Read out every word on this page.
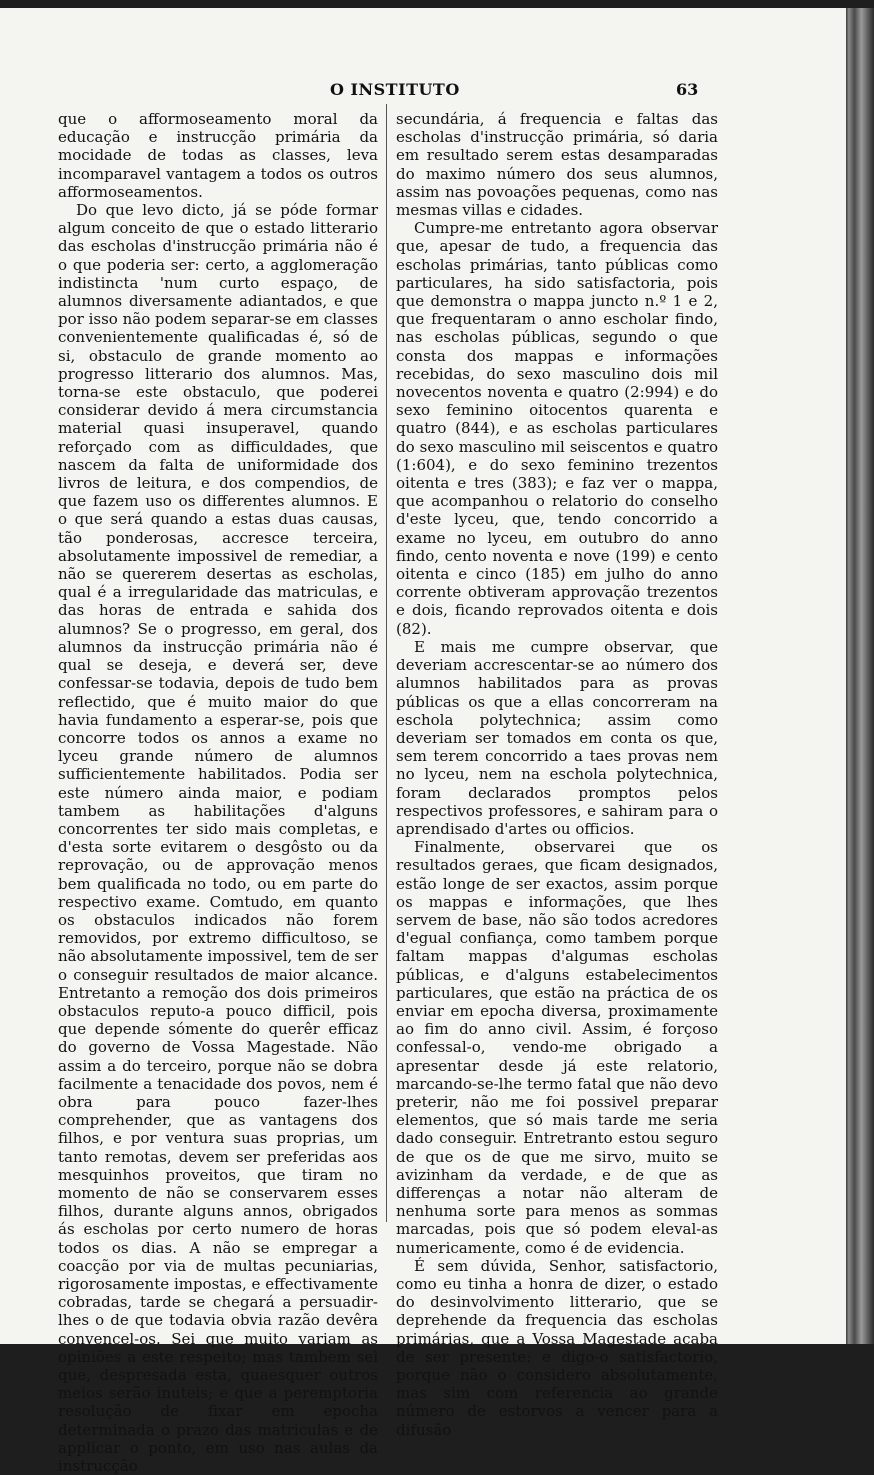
O INSTITUTO	63

que o afformoseamento moral da educação e instrucção primária da mocidade de todas as classes, leva incomparavel vantagem a todos os outros afformoseamentos.

Do que levo dicto, já se póde formar algum conceito de que o estado litterario das escholas d'instrucção primária não é o que poderia ser: certo, a agglomeração indistincta 'num curto espaço, de alumnos diversamente adiantados, e que por isso não podem separar-se em classes convenientemente qualificadas é, só de si, obstaculo de grande momento ao progresso litterario dos alumnos. Mas, torna-se este obstaculo, que poderei considerar devido á mera circumstancia material quasi insuperavel, quando reforçado com as difficuldades, que nascem da falta de uniformidade dos livros de leitura, e dos compendios, de que fazem uso os differentes alumnos. E o que será quando a estas duas causas, tão ponderosas, accresce terceira, absolutamente impossivel de remediar, a não se quererem desertas as escholas, qual é a irregularidade das matriculas, e das horas de entrada e sahida dos alumnos? Se o progresso, em geral, dos alumnos da instrucção primária não é qual se deseja, e deverá ser, deve confessar-se todavia, depois de tudo bem reflectido, que é muito maior do que havia fundamento a esperar-se, pois que concorre todos os annos a exame no lyceu grande número de alumnos sufficientemente habilitados. Podia ser este número ainda maior, e podiam tambem as habilitações d'alguns concorrentes ter sido mais completas, e d'esta sorte evitarem o desgôsto ou da reprovação, ou de approvação menos bem qualificada no todo, ou em parte do respectivo exame. Comtudo, em quanto os obstaculos indicados não forem removidos, por extremo difficultoso, se não absolutamente impossivel, tem de ser o conseguir resultados de maior alcance. Entretanto a remoção dos dois primeiros obstaculos reputo-a pouco difficil, pois que depende sómente do querêr efficaz do governo de Vossa Magestade. Não assim a do terceiro, porque não se dobra facilmente a tenacidade dos povos, nem é obra para pouco fazer-lhes comprehender, que as vantagens dos filhos, e por ventura suas proprias, um tanto remotas, devem ser preferidas aos mesquinhos proveitos, que tiram no momento de não se conservarem esses filhos, durante alguns annos, obrigados ás escholas por certo numero de horas todos os dias. A não se empregar a coacção por via de multas pecuniarias, rigorosamente impostas, e effectivamente cobradas, tarde se chegará a persuadir-lhes o de que todavia obvia razão devêra convencel-os. Sei que muito variam as opiniões a este respeito; mas tambem sei que, despresada esta, quaesquer outros meios serão inuteis; e que a peremptoria resolução de fixar em epocha determinada o prazo das matriculas e de applicar o ponto, em uso nas aulas da instrucção

secundária, á frequencia e faltas das escholas d'instrucção primária, só daria em resultado serem estas desamparadas do maximo número dos seus alumnos, assim nas povoações pequenas, como nas mesmas villas e cidades.

Cumpre-me entretanto agora observar que, apesar de tudo, a frequencia das escholas primárias, tanto públicas como particulares, ha sido satisfactoria, pois que demonstra o mappa juncto n.º 1 e 2, que frequentaram o anno escholar findo, nas escholas públicas, segundo o que consta dos mappas e informações recebidas, do sexo masculino dois mil novecentos noventa e quatro (2:994) e do sexo feminino oitocentos quarenta e quatro (844), e as escholas particulares do sexo masculino mil seiscentos e quatro (1:604), e do sexo feminino trezentos oitenta e tres (383); e faz ver o mappa, que acompanhou o relatorio do conselho d'este lyceu, que, tendo concorrido a exame no lyceu, em outubro do anno findo, cento noventa e nove (199) e cento oitenta e cinco (185) em julho do anno corrente obtiveram approvação trezentos e dois, ficando reprovados oitenta e dois (82).

E mais me cumpre observar, que deveriam accrescentar-se ao número dos alumnos habilitados para as provas públicas os que a ellas concorreram na eschola polytechnica; assim como deveriam ser tomados em conta os que, sem terem concorrido a taes provas nem no lyceu, nem na eschola polytechnica, foram declarados promptos pelos respectivos professores, e sahiram para o aprendisado d'artes ou officios.

Finalmente, observarei que os resultados geraes, que ficam designados, estão longe de ser exactos, assim porque os mappas e informações, que lhes servem de base, não são todos acredores d'egual confiança, como tambem porque faltam mappas d'algumas escholas públicas, e d'alguns estabelecimentos particulares, que estão na práctica de os enviar em epocha diversa, proximamente ao fim do anno civil. Assim, é forçoso confessal-o, vendo-me obrigado a apresentar desde já este relatorio, marcando-se-lhe termo fatal que não devo preterir, não me foi possivel preparar elementos, que só mais tarde me seria dado conseguir. Entretranto estou seguro de que os de que me sirvo, muito se avizinham da verdade, e de que as differenças a notar não alteram de nenhuma sorte para menos as sommas marcadas, pois que só podem eleval-as numericamente, como é de evidencia.

É sem dúvida, Senhor, satisfactorio, como eu tinha a honra de dizer, o estado do desinvolvimento litterario, que se deprehende da frequencia das escholas primárias, que a Vossa Magestade acaba de ser presente: e digo-o satisfactorio, porque não o considero absolutamente, mas sim com referencia ao grande número de estorvos a vencer para a difusão
